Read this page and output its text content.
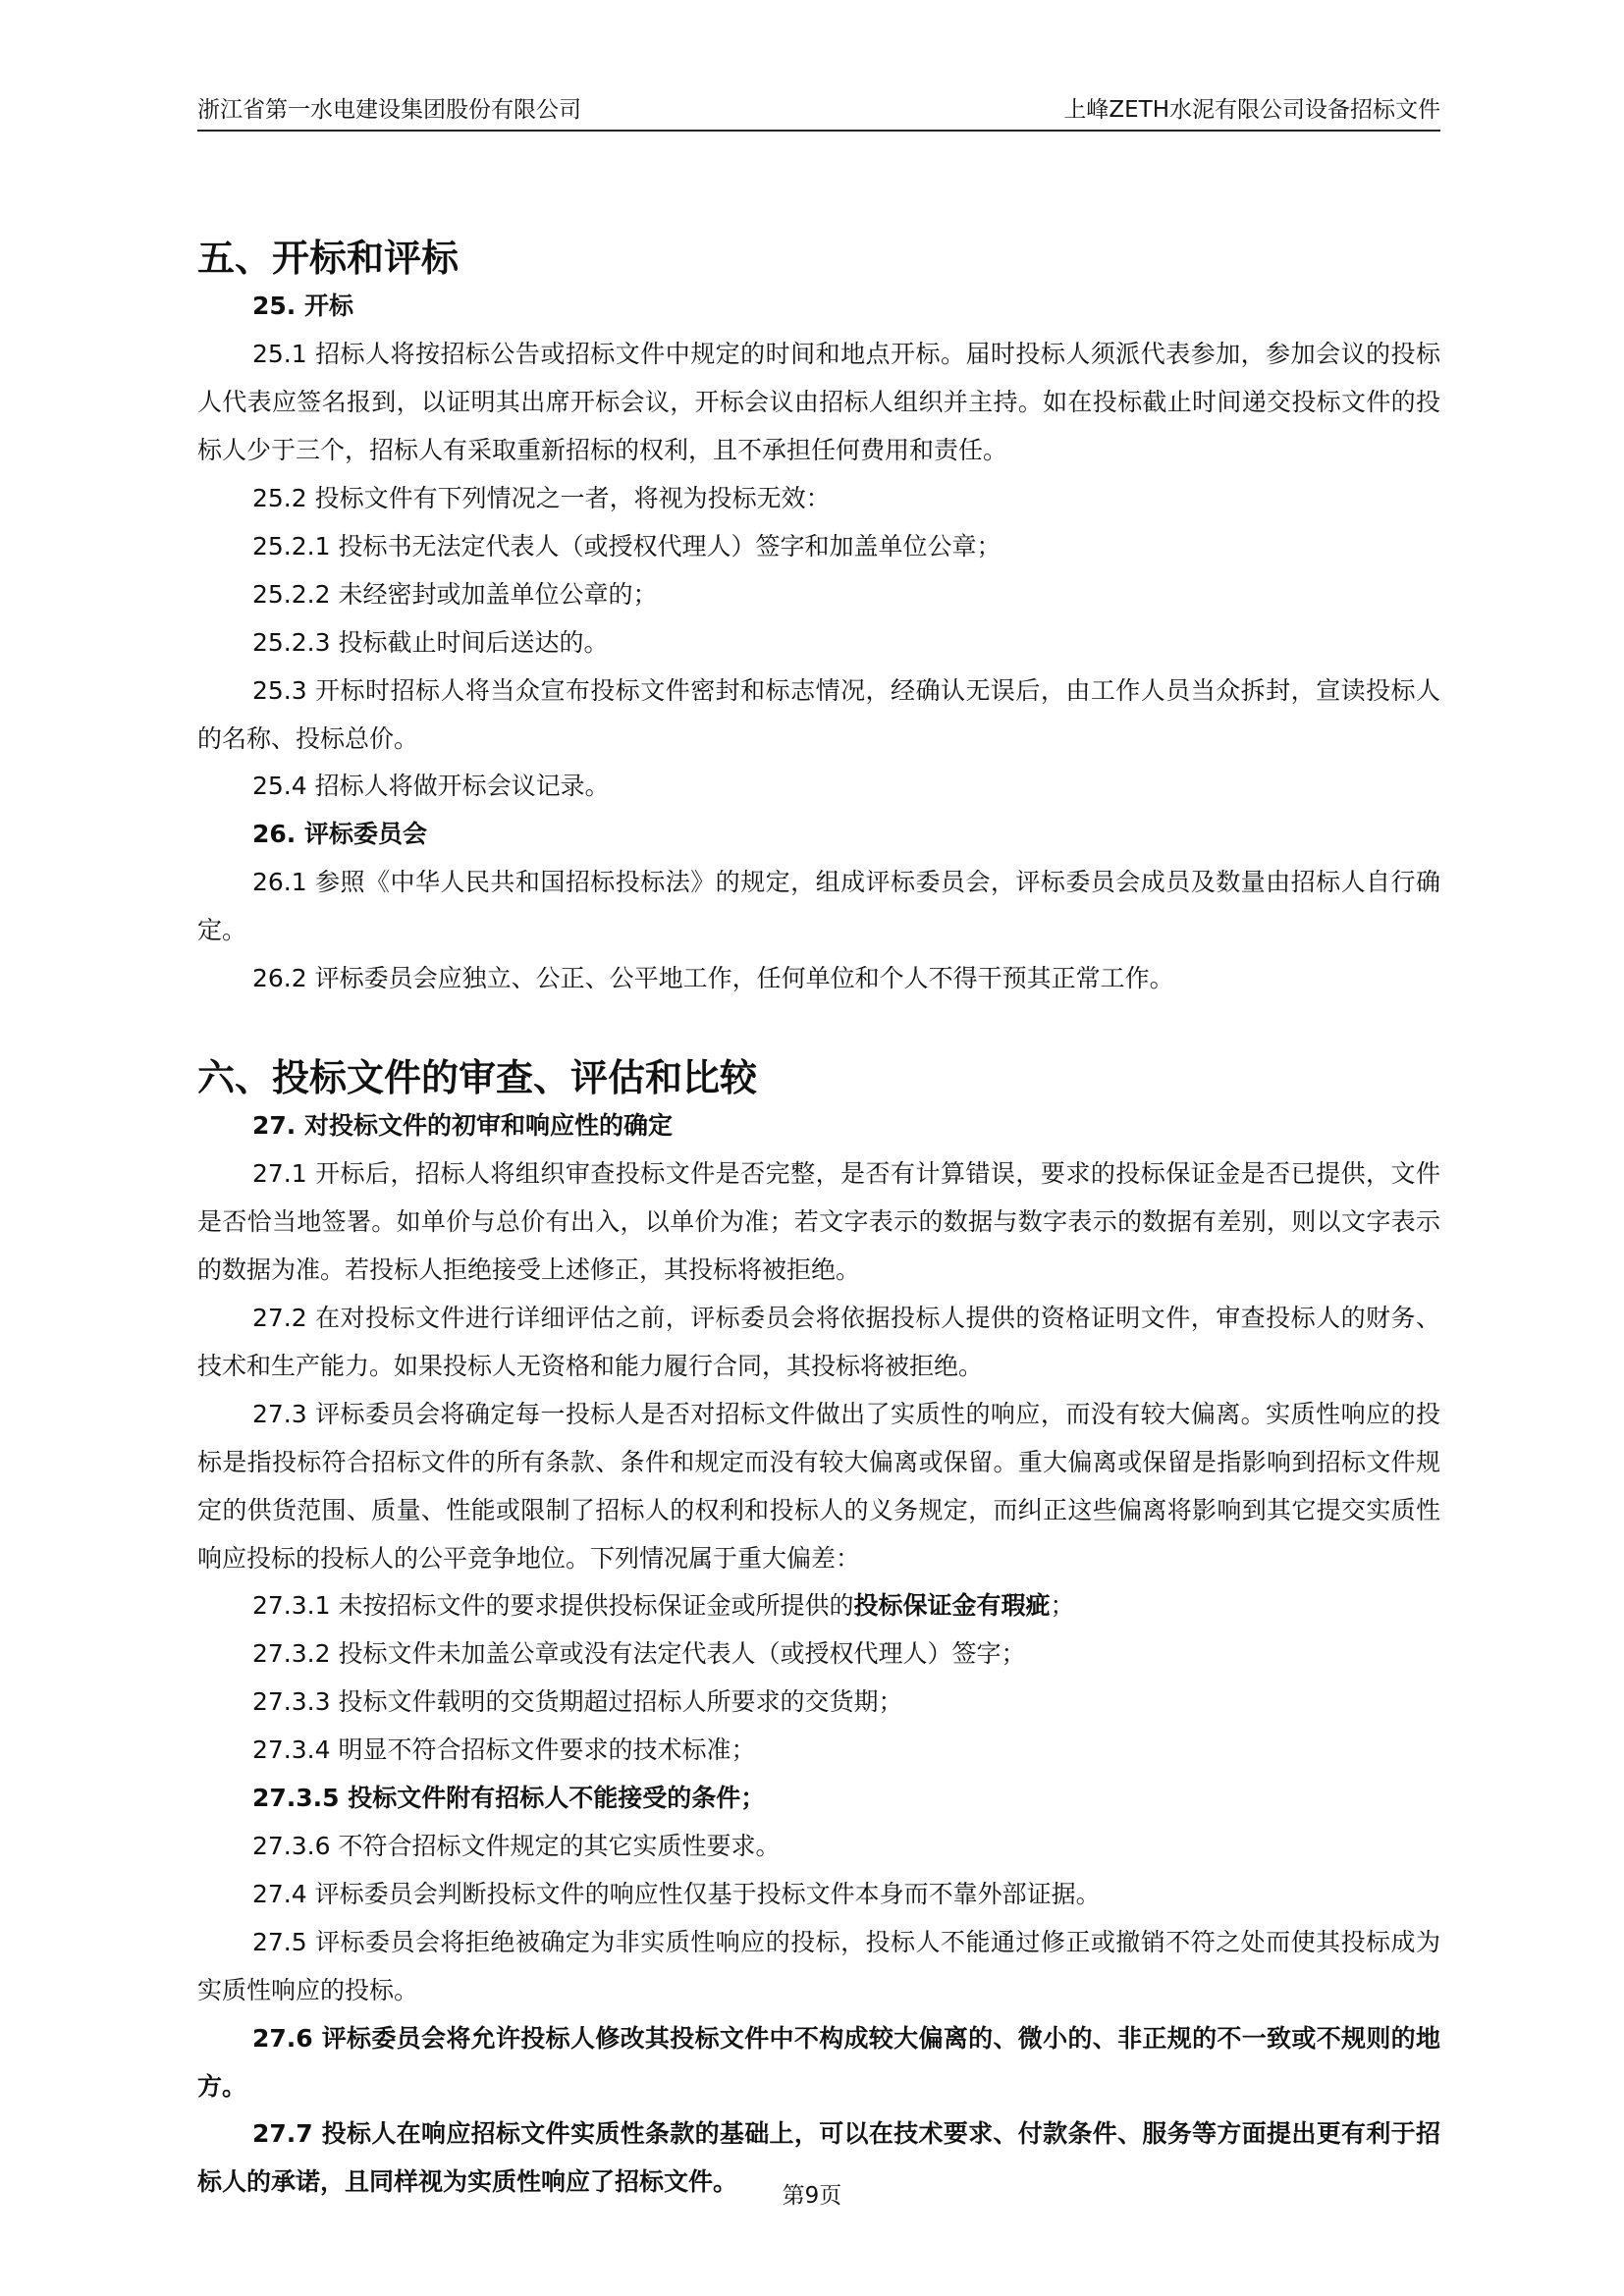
浙江省第一水电建设集团股份有限公司	上峰ZETH水泥有限公司设备招标文件
五、开标和评标

25. 开标

25.1 招标人将按招标公告或招标文件中规定的时间和地点开标。届时投标人须派代表参加，参加会议的投标人代表应签名报到，以证明其出席开标会议，开标会议由招标人组织并主持。如在投标截止时间递交投标文件的投标人少于三个，招标人有采取重新招标的权利，且不承担任何费用和责任。

25.2 投标文件有下列情况之一者，将视为投标无效：

25.2.1 投标书无法定代表人（或授权代理人）签字和加盖单位公章；

25.2.2 未经密封或加盖单位公章的；

25.2.3 投标截止时间后送达的。

25.3 开标时招标人将当众宣布投标文件密封和标志情况，经确认无误后，由工作人员当众拆封，宣读投标人的名称、投标总价。

25.4 招标人将做开标会议记录。

26. 评标委员会

26.1 参照《中华人民共和国招标投标法》的规定，组成评标委员会，评标委员会成员及数量由招标人自行确定。

26.2 评标委员会应独立、公正、公平地工作，任何单位和个人不得干预其正常工作。

六、投标文件的审查、评估和比较

27. 对投标文件的初审和响应性的确定

27.1 开标后，招标人将组织审查投标文件是否完整，是否有计算错误，要求的投标保证金是否已提供，文件是否恰当地签署。如单价与总价有出入，以单价为准；若文字表示的数据与数字表示的数据有差别，则以文字表示的数据为准。若投标人拒绝接受上述修正，其投标将被拒绝。

27.2 在对投标文件进行详细评估之前，评标委员会将依据投标人提供的资格证明文件，审查投标人的财务、技术和生产能力。如果投标人无资格和能力履行合同，其投标将被拒绝。

27.3 评标委员会将确定每一投标人是否对招标文件做出了实质性的响应，而没有较大偏离。实质性响应的投标是指投标符合招标文件的所有条款、条件和规定而没有较大偏离或保留。重大偏离或保留是指影响到招标文件规定的供货范围、质量、性能或限制了招标人的权利和投标人的义务规定，而纠正这些偏离将影响到其它提交实质性响应投标的投标人的公平竞争地位。下列情况属于重大偏差：

27.3.1 未按招标文件的要求提供投标保证金或所提供的投标保证金有瑕疵；

27.3.2 投标文件未加盖公章或没有法定代表人（或授权代理人）签字；

27.3.3 投标文件载明的交货期超过招标人所要求的交货期；

27.3.4 明显不符合招标文件要求的技术标准；

27.3.5 投标文件附有招标人不能接受的条件；

27.3.6 不符合招标文件规定的其它实质性要求。

27.4 评标委员会判断投标文件的响应性仅基于投标文件本身而不靠外部证据。

27.5 评标委员会将拒绝被确定为非实质性响应的投标，投标人不能通过修正或撤销不符之处而使其投标成为实质性响应的投标。

27.6 评标委员会将允许投标人修改其投标文件中不构成较大偏离的、微小的、非正规的不一致或不规则的地方。

27.7 投标人在响应招标文件实质性条款的基础上，可以在技术要求、付款条件、服务等方面提出更有利于招标人的承诺，且同样视为实质性响应了招标文件。	第9页
